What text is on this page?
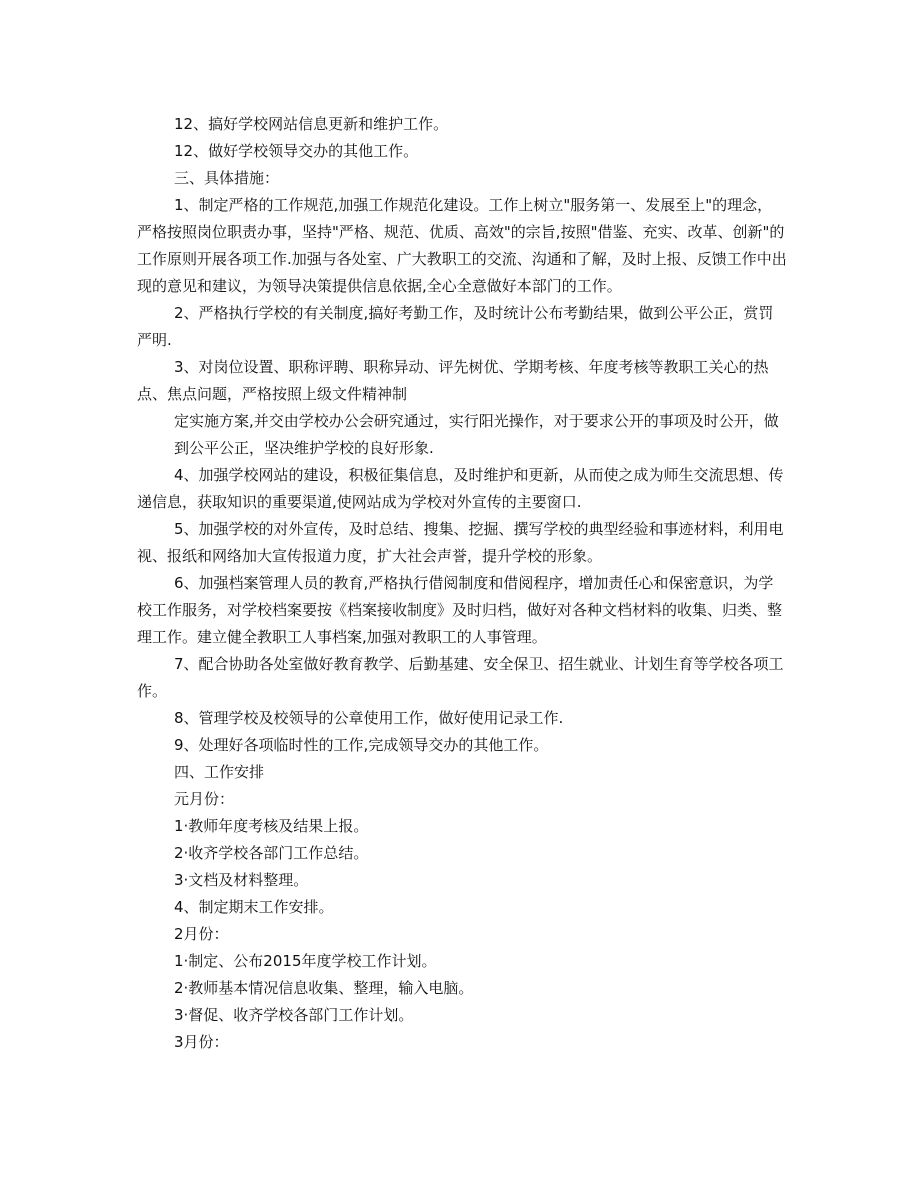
12、搞好学校网站信息更新和维护工作。

12、做好学校领导交办的其他工作。

三、具体措施：

1、制定严格的工作规范,加强工作规范化建设。工作上树立"服务第一、发展至上"的理念，严格按照岗位职责办事，坚持"严格、规范、优质、高效"的宗旨,按照"借鉴、充实、改革、创新"的工作原则开展各项工作.加强与各处室、广大教职工的交流、沟通和了解，及时上报、反馈工作中出现的意见和建议，为领导决策提供信息依据,全心全意做好本部门的工作。

2、严格执行学校的有关制度,搞好考勤工作，及时统计公布考勤结果，做到公平公正，赏罚严明.

3、对岗位设置、职称评聘、职称异动、评先树优、学期考核、年度考核等教职工关心的热点、焦点问题，严格按照上级文件精神制

定实施方案,并交由学校办公会研究通过，实行阳光操作，对于要求公开的事项及时公开，做到公平公正，坚决维护学校的良好形象.

4、加强学校网站的建设，积极征集信息，及时维护和更新，从而使之成为师生交流思想、传递信息，获取知识的重要渠道,使网站成为学校对外宣传的主要窗口.

5、加强学校的对外宣传，及时总结、搜集、挖掘、撰写学校的典型经验和事迹材料，利用电视、报纸和网络加大宣传报道力度，扩大社会声誉，提升学校的形象。

6、加强档案管理人员的教育,严格执行借阅制度和借阅程序，增加责任心和保密意识，为学校工作服务，对学校档案要按《档案接收制度》及时归档，做好对各种文档材料的收集、归类、整理工作。建立健全教职工人事档案,加强对教职工的人事管理。

7、配合协助各处室做好教育教学、后勤基建、安全保卫、招生就业、计划生育等学校各项工作。

8、管理学校及校领导的公章使用工作，做好使用记录工作.

9、处理好各项临时性的工作,完成领导交办的其他工作。

四、工作安排

元月份：

1·教师年度考核及结果上报。

2·收齐学校各部门工作总结。

3·文档及材料整理。

4、制定期末工作安排。

2月份：

1·制定、公布2015年度学校工作计划。

2·教师基本情况信息收集、整理，输入电脑。

3·督促、收齐学校各部门工作计划。

3月份：
